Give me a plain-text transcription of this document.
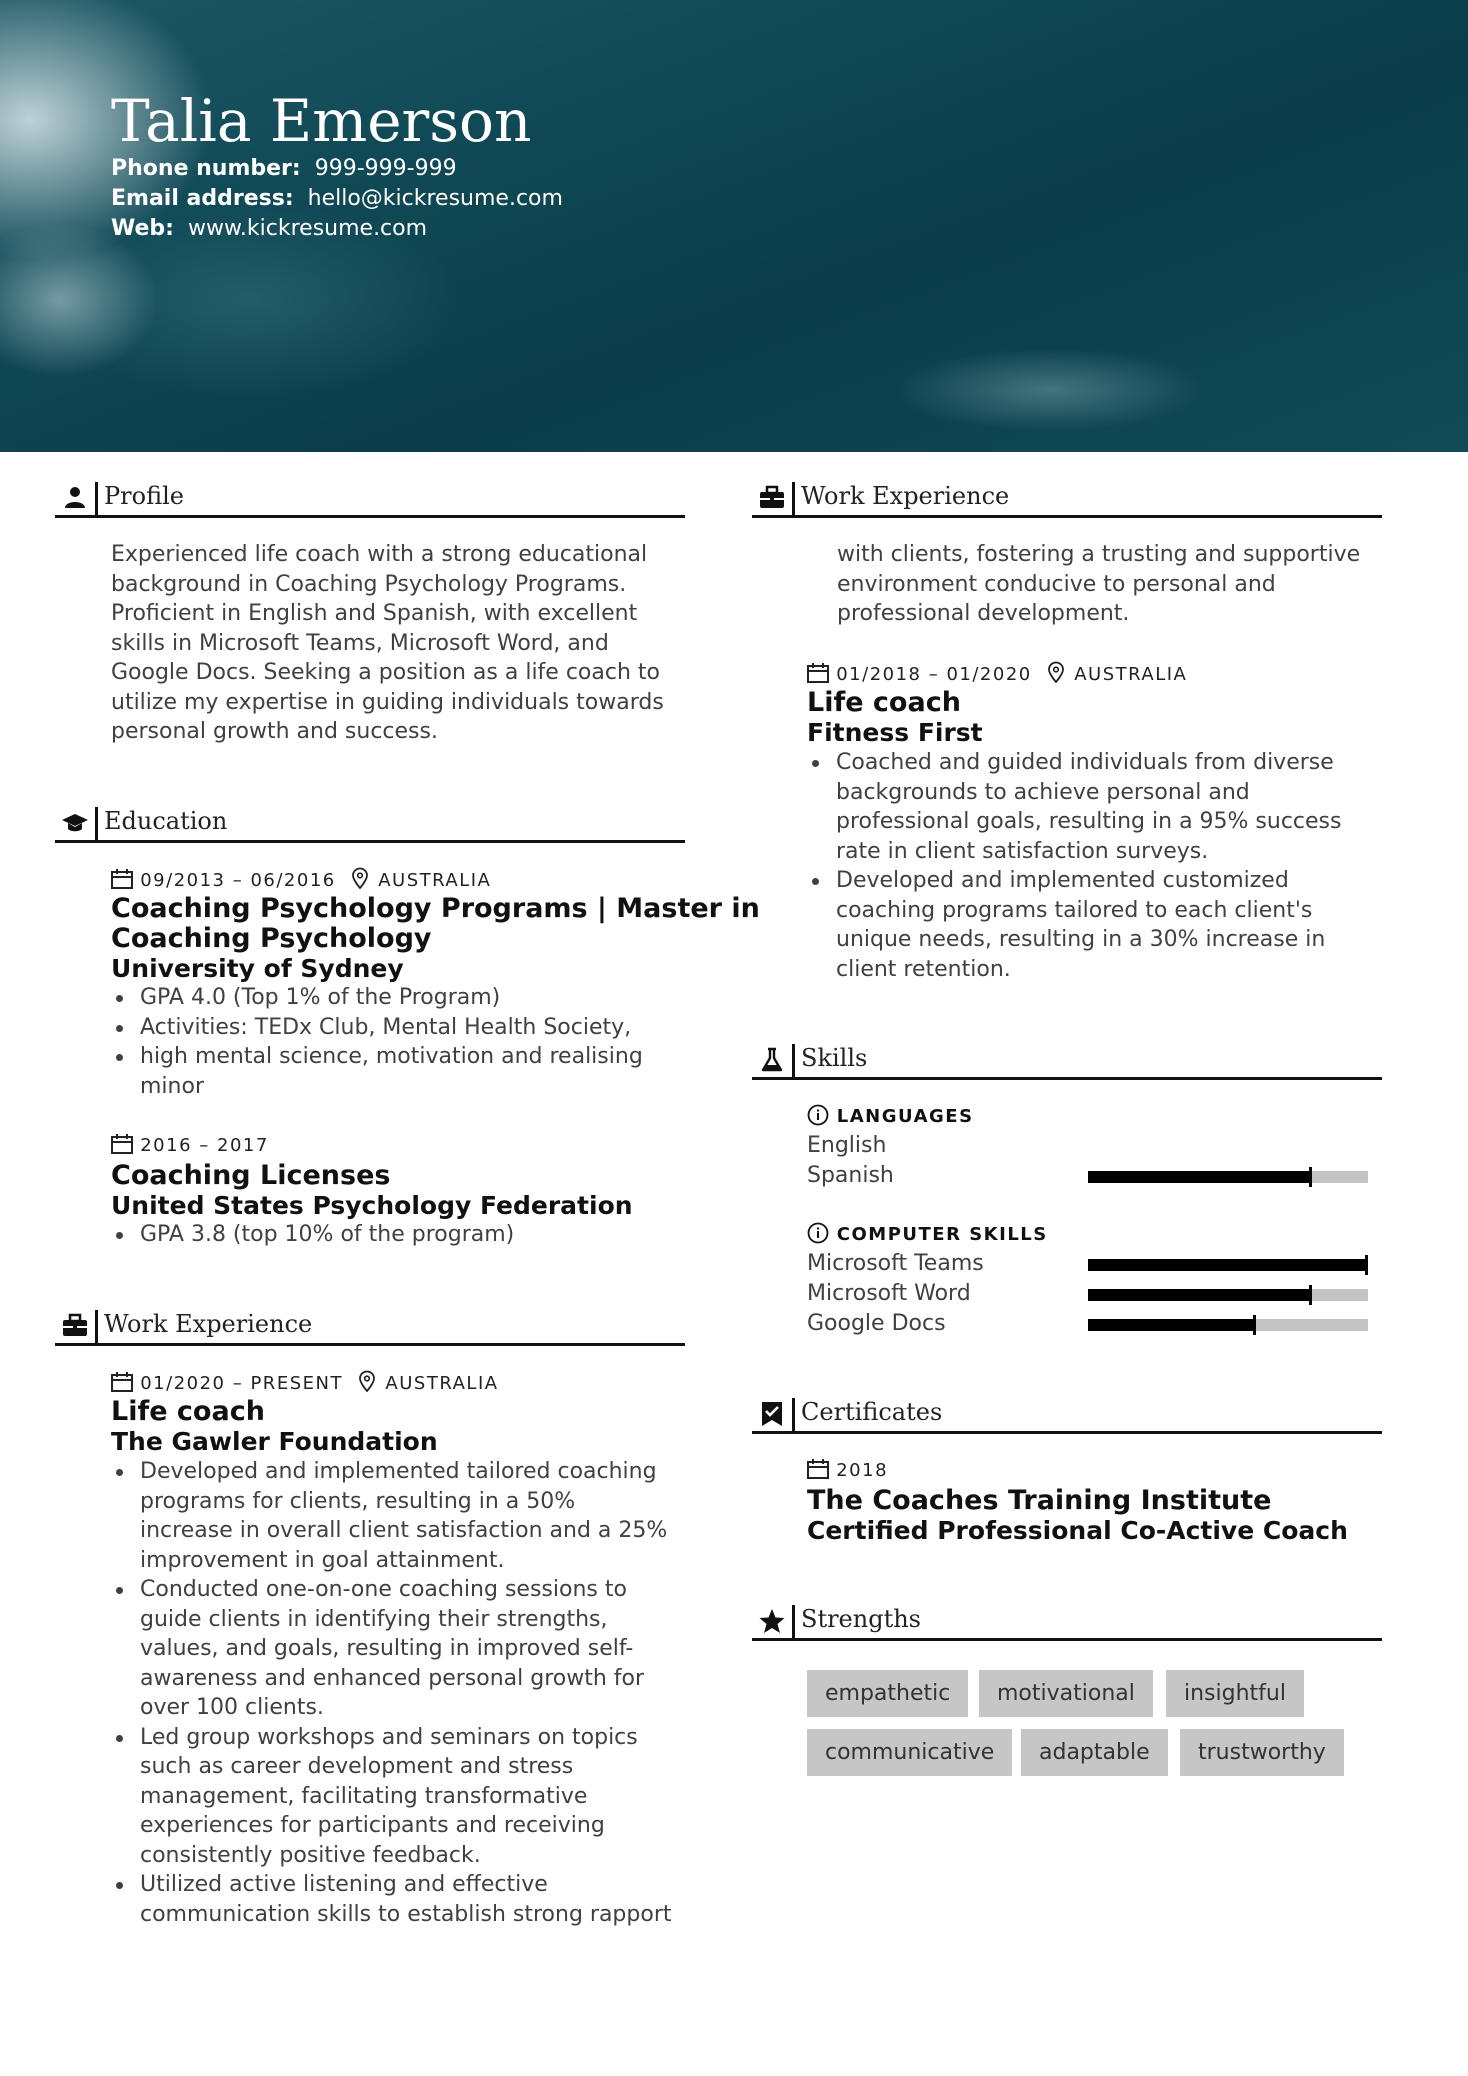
Talia Emerson
Phone number: 999-999-999
Email address: hello@kickresume.com
Web: www.kickresume.com
Profile
Experienced life coach with a strong educational
background in Coaching Psychology Programs.
Proficient in English and Spanish, with excellent
skills in Microsoft Teams, Microsoft Word, and
Google Docs. Seeking a position as a life coach to
utilize my expertise in guiding individuals towards
personal growth and success.
Education
09/2013 – 06/2016 AUSTRALIA
Coaching Psychology Programs | Master in
Coaching Psychology
University of Sydney
GPA 4.0 (Top 1% of the Program)
Activities: TEDx Club, Mental Health Society,
high mental science, motivation and realising minor
2016 – 2017
Coaching Licenses
United States Psychology Federation
GPA 3.8 (top 10% of the program)
Work Experience
01/2020 – PRESENT AUSTRALIA
Life coach
The Gawler Foundation
Developed and implemented tailored coaching programs for clients, resulting in a 50% increase in overall client satisfaction and a 25% improvement in goal attainment.
Conducted one-on-one coaching sessions to guide clients in identifying their strengths, values, and goals, resulting in improved self-awareness and enhanced personal growth for over 100 clients.
Led group workshops and seminars on topics such as career development and stress management, facilitating transformative experiences for participants and receiving consistently positive feedback.
Utilized active listening and effective communication skills to establish strong rapport
Work Experience
with clients, fostering a trusting and supportive environment conducive to personal and professional development.
01/2018 – 01/2020 AUSTRALIA
Life coach
Fitness First
Coached and guided individuals from diverse backgrounds to achieve personal and professional goals, resulting in a 95% success rate in client satisfaction surveys.
Developed and implemented customized coaching programs tailored to each client's unique needs, resulting in a 30% increase in client retention.
Skills
LANGUAGES
English
Spanish
COMPUTER SKILLS
Microsoft Teams
Microsoft Word
Google Docs
Certificates
2018
The Coaches Training Institute
Certified Professional Co-Active Coach
Strengths
empathetic	motivational	insightful
communicative	adaptable	trustworthy
